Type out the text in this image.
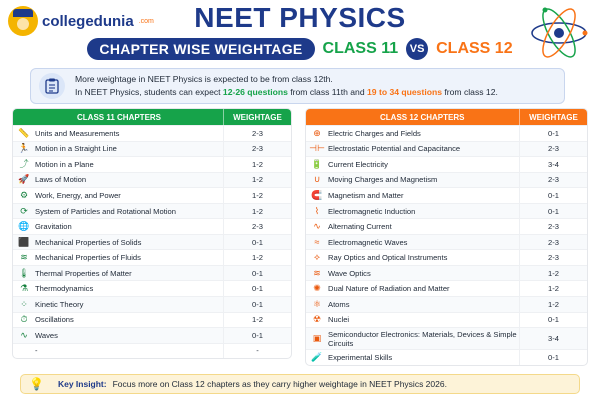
collegedunia .com	NEET PHYSICS
CHAPTER WISE WEIGHTAGE	CLASS 11	VS CLASS 12
More weightage in NEET Physics is expected to be from class 12th.
In NEET Physics, students can expect 12-26 questions from class 11th and 19 to 34 questions from class 12.
CLASS 11 CHAPTERS	WEIGHTAGE
📏 Units and Measurements	2-3
🏃 Motion in a Straight Line	2-3
⤴ Motion in a Plane	1-2
🚀 Laws of Motion	1-2
⚙ Work, Energy, and Power	1-2
⟳ System of Particles and Rotational Motion	1-2
🌐 Gravitation	2-3
⬛ Mechanical Properties of Solids	0-1
≋ Mechanical Properties of Fluids	1-2
🌡 Thermal Properties of Matter	0-1
⚗ Thermodynamics	0-1
⁘ Kinetic Theory	0-1
⏱ Oscillations	1-2
∿ Waves	0-1
-	-
CLASS 12 CHAPTERS	WEIGHTAGE
⊕ Electric Charges and Fields	0-1
⊣⊢ Electrostatic Potential and Capacitance	2-3
🔋 Current Electricity	3-4
∪ Moving Charges and Magnetism	2-3
🧲 Magnetism and Matter	0-1
⌇	Electromagnetic Induction	0-1
∿ Alternating Current	2-3
≈	Electromagnetic Waves	2-3
⟡	Ray Optics and Optical Instruments	2-3
≋ Wave Optics	1-2
✺ Dual Nature of Radiation and Matter	1-2
⚛ Atoms	1-2
☢ Nuclei	0-1
▣ Semiconductor Electronics: Materials, Devices & Simple Circuits	3-4
🧪 Experimental Skills	0-1
💡 Key Insight: Focus more on Class 12 chapters as they carry higher weightage in NEET Physics 2026.
